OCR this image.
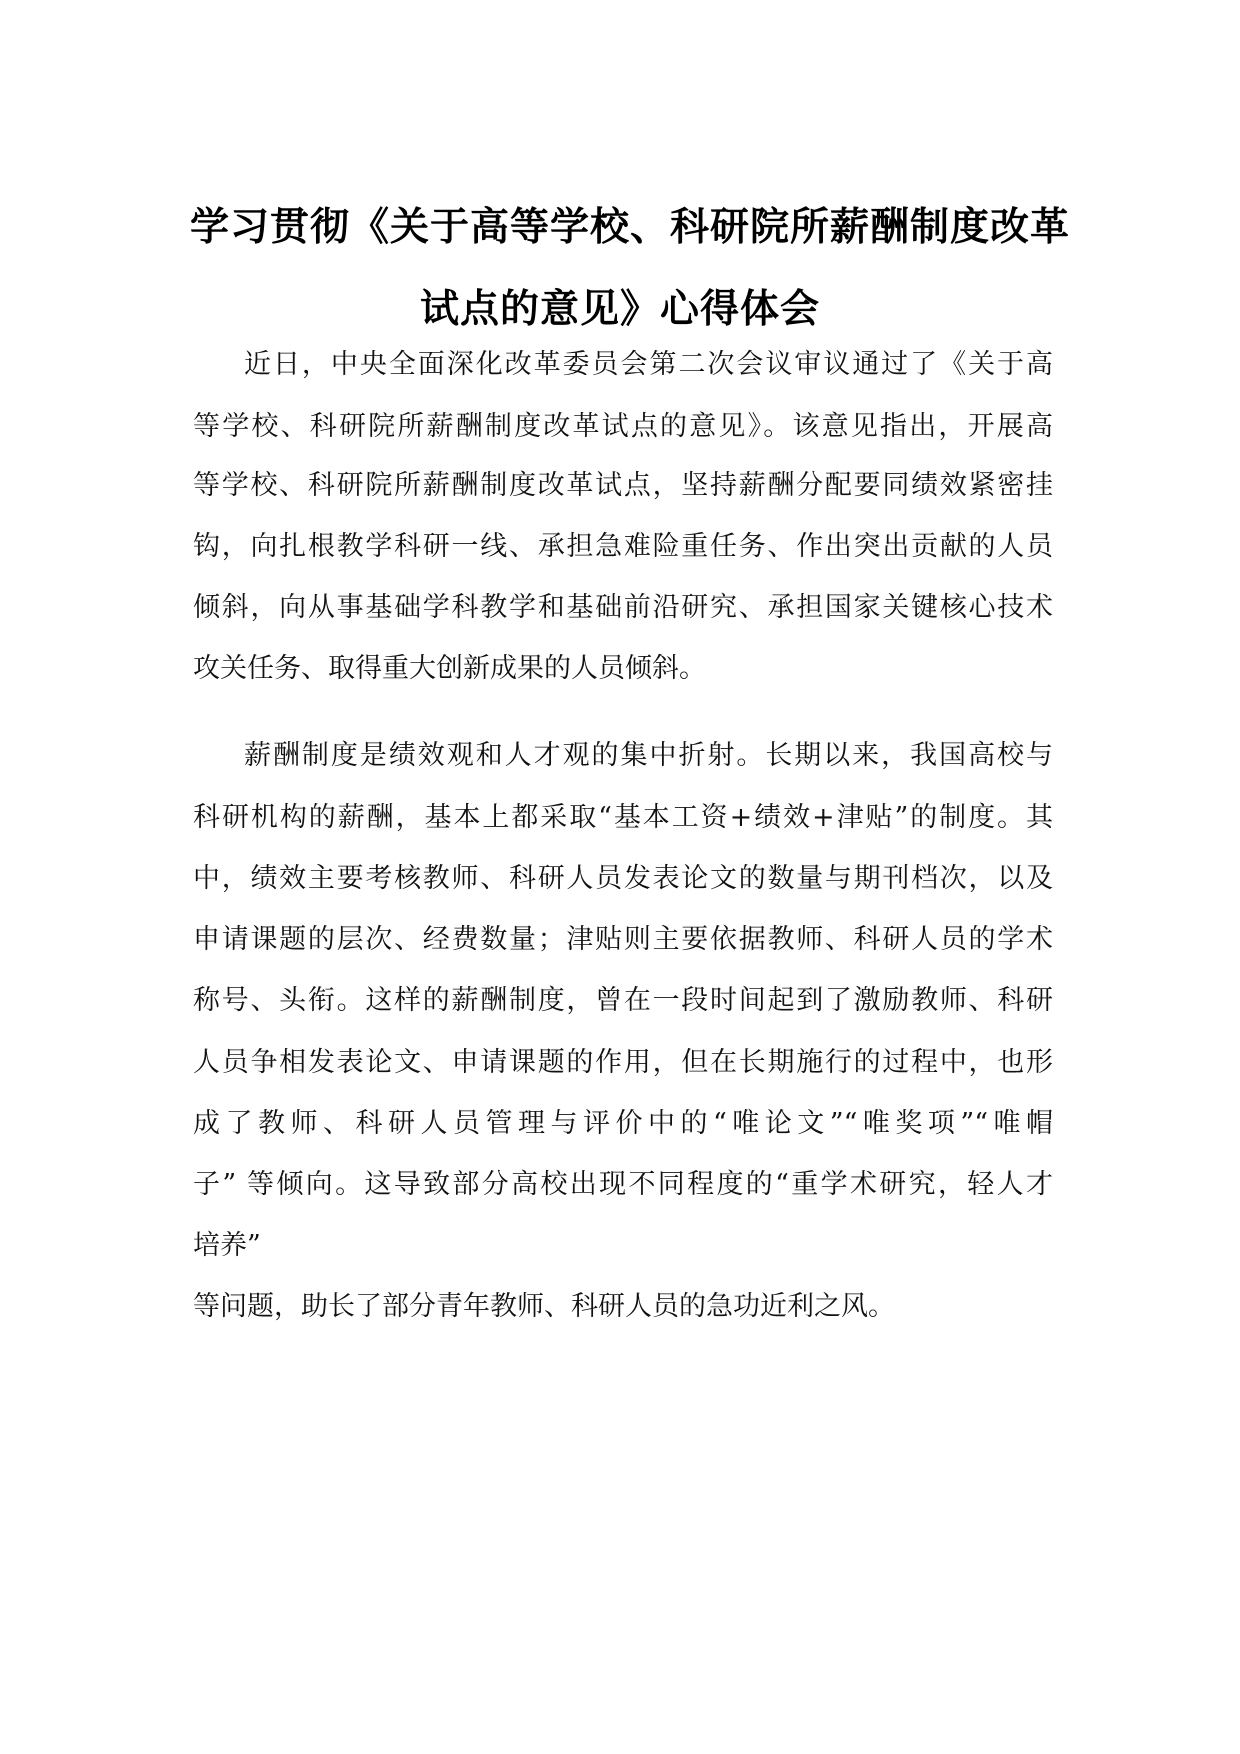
学习贯彻《关于高等学校、科研院所薪酬制度改革
试点的意见》心得体会
近日，中央全面深化改革委员会第二次会议审议通过了《关于高
等学校、科研院所薪酬制度改革试点的意见》。该意见指出，开展高
等学校、科研院所薪酬制度改革试点，坚持薪酬分配要同绩效紧密挂
钩，向扎根教学科研一线、承担急难险重任务、作出突出贡献的人员
倾斜，向从事基础学科教学和基础前沿研究、承担国家关键核心技术
攻关任务、取得重大创新成果的人员倾斜。
薪酬制度是绩效观和人才观的集中折射。长期以来，我国高校与
科研机构的薪酬，基本上都采取“基本工资+绩效+津贴”的制度。其
中，绩效主要考核教师、科研人员发表论文的数量与期刊档次，以及
申请课题的层次、经费数量；津贴则主要依据教师、科研人员的学术
称号、头衔。这样的薪酬制度，曾在一段时间起到了激励教师、科研
人员争相发表论文、申请课题的作用，但在长期施行的过程中，也形
成了教师、科研人员管理与评价中的“唯论文”“唯奖项”“唯帽
子” 等倾向。这导致部分高校出现不同程度的“重学术研究，轻人才
培养”
等问题，助长了部分青年教师、科研人员的急功近利之风。
